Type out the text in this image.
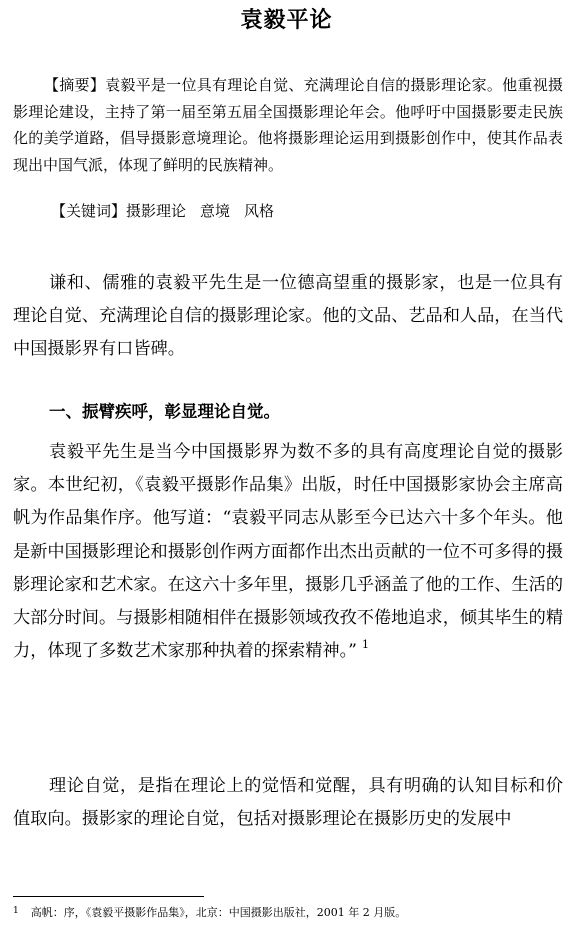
袁毅平论

【摘要】袁毅平是一位具有理论自觉、充满理论自信的摄影理论家。他重视摄影理论建设，主持了第一届至第五届全国摄影理论年会。他呼吁中国摄影要走民族化的美学道路，倡导摄影意境理论。他将摄影理论运用到摄影创作中，使其作品表现出中国气派，体现了鲜明的民族精神。

【关键词】摄影理论 意境 风格

谦和、儒雅的袁毅平先生是一位德高望重的摄影家，也是一位具有理论自觉、充满理论自信的摄影理论家。他的文品、艺品和人品，在当代中国摄影界有口皆碑。

一、振臂疾呼，彰显理论自觉。

袁毅平先生是当今中国摄影界为数不多的具有高度理论自觉的摄影家。本世纪初，《袁毅平摄影作品集》出版，时任中国摄影家协会主席高帆为作品集作序。他写道：“袁毅平同志从影至今已达六十多个年头。他是新中国摄影理论和摄影创作两方面都作出杰出贡献的一位不可多得的摄影理论家和艺术家。在这六十多年里，摄影几乎涵盖了他的工作、生活的大部分时间。与摄影相随相伴在摄影领域孜孜不倦地追求，倾其毕生的精力，体现了多数艺术家那种执着的探索精神。” $^1$

理论自觉，是指在理论上的觉悟和觉醒，具有明确的认知目标和价值取向。摄影家的理论自觉，包括对摄影理论在摄影历史的发展中

$^1$ 高帆：序，《袁毅平摄影作品集》，北京：中国摄影出版社，2001 年 2 月版。
